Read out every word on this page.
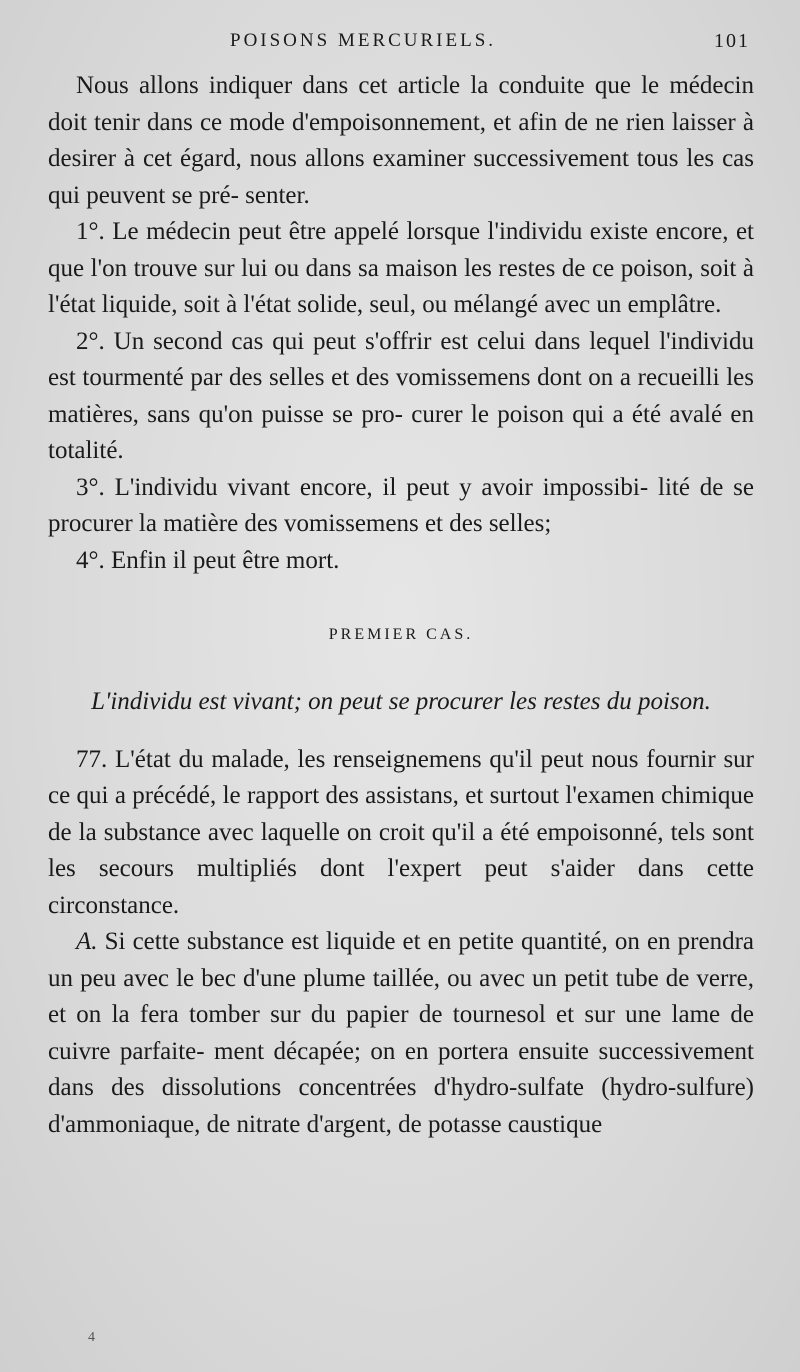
POISONS MERCURIELS.	101

Nous allons indiquer dans cet article la conduite que le médecin doit tenir dans ce mode d'empoisonnement, et afin de ne rien laisser à desirer à cet égard, nous allons examiner successivement tous les cas qui peuvent se pré- senter.

1°. Le médecin peut être appelé lorsque l'individu existe encore, et que l'on trouve sur lui ou dans sa maison les restes de ce poison, soit à l'état liquide, soit à l'état solide, seul, ou mélangé avec un emplâtre.

2°. Un second cas qui peut s'offrir est celui dans lequel l'individu est tourmenté par des selles et des vomissemens dont on a recueilli les matières, sans qu'on puisse se pro- curer le poison qui a été avalé en totalité.

3°. L'individu vivant encore, il peut y avoir impossibi- lité de se procurer la matière des vomissemens et des selles;

4°. Enfin il peut être mort.

PREMIER CAS.

L'individu est vivant; on peut se procurer les restes du poison.

77. L'état du malade, les renseignemens qu'il peut nous fournir sur ce qui a précédé, le rapport des assistans, et surtout l'examen chimique de la substance avec laquelle on croit qu'il a été empoisonné, tels sont les secours multipliés dont l'expert peut s'aider dans cette circonstance.

A. Si cette substance est liquide et en petite quantité, on en prendra un peu avec le bec d'une plume taillée, ou avec un petit tube de verre, et on la fera tomber sur du papier de tournesol et sur une lame de cuivre parfaite- ment décapée; on en portera ensuite successivement dans des dissolutions concentrées d'hydro-sulfate (hydro-sulfure) d'ammoniaque, de nitrate d'argent, de potasse caustique

4
